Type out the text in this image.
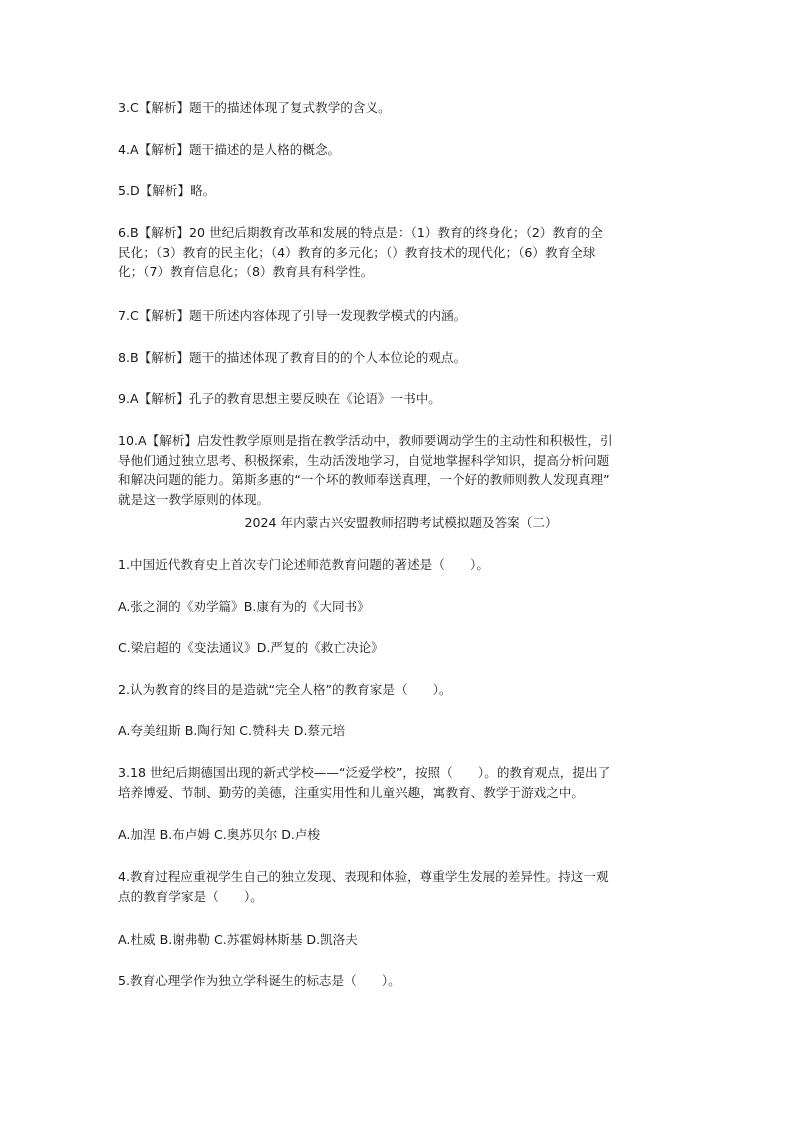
3.C【解析】题干的描述体现了复式教学的含义。

4.A【解析】题干描述的是人格的概念。

5.D【解析】略。

6.B【解析】20 世纪后期教育改革和发展的特点是：（1）教育的终身化；（2）教育的全
民化；（3）教育的民主化；（4）教育的多元化；（）教育技术的现代化；（6）教育全球
化；（7）教育信息化；（8）教育具有科学性。

7.C【解析】题干所述内容体现了引导一发现教学模式的内涵。

8.B【解析】题干的描述体现了教育目的的个人本位论的观点。

9.A【解析】孔子的教育思想主要反映在《论语》一书中。

10.A【解析】启发性教学原则是指在教学活动中，教师要调动学生的主动性和积极性，引
导他们通过独立思考、积极探索，生动活泼地学习，自觉地掌握科学知识，提高分析问题
和解决问题的能力。第斯多惠的“一个坏的教师奉送真理，一个好的教师则教人发现真理”
就是这一教学原则的体现。

2024 年内蒙古兴安盟教师招聘考试模拟题及答案（二）

1.中国近代教育史上首次专门论述师范教育问题的著述是（　　）。

A.张之洞的《劝学篇》B.康有为的《大同书》

C.梁启超的《变法通议》D.严复的《救亡决论》

2.认为教育的终目的是造就“完全人格”的教育家是（　　）。

A.夸美纽斯 B.陶行知 C.赞科夫 D.蔡元培

3.18 世纪后期德国出现的新式学校——“泛爱学校”，按照（　　）。的教育观点，提出了
培养博爱、节制、勤劳的美德，注重实用性和儿童兴趣，寓教育、教学于游戏之中。

A.加涅 B.布卢姆 C.奥苏贝尔 D.卢梭

4.教育过程应重视学生自己的独立发现、表现和体验，尊重学生发展的差异性。持这一观
点的教育学家是（　　）。

A.杜威 B.谢弗勒 C.苏霍姆林斯基 D.凯洛夫

5.教育心理学作为独立学科诞生的标志是（　　）。
